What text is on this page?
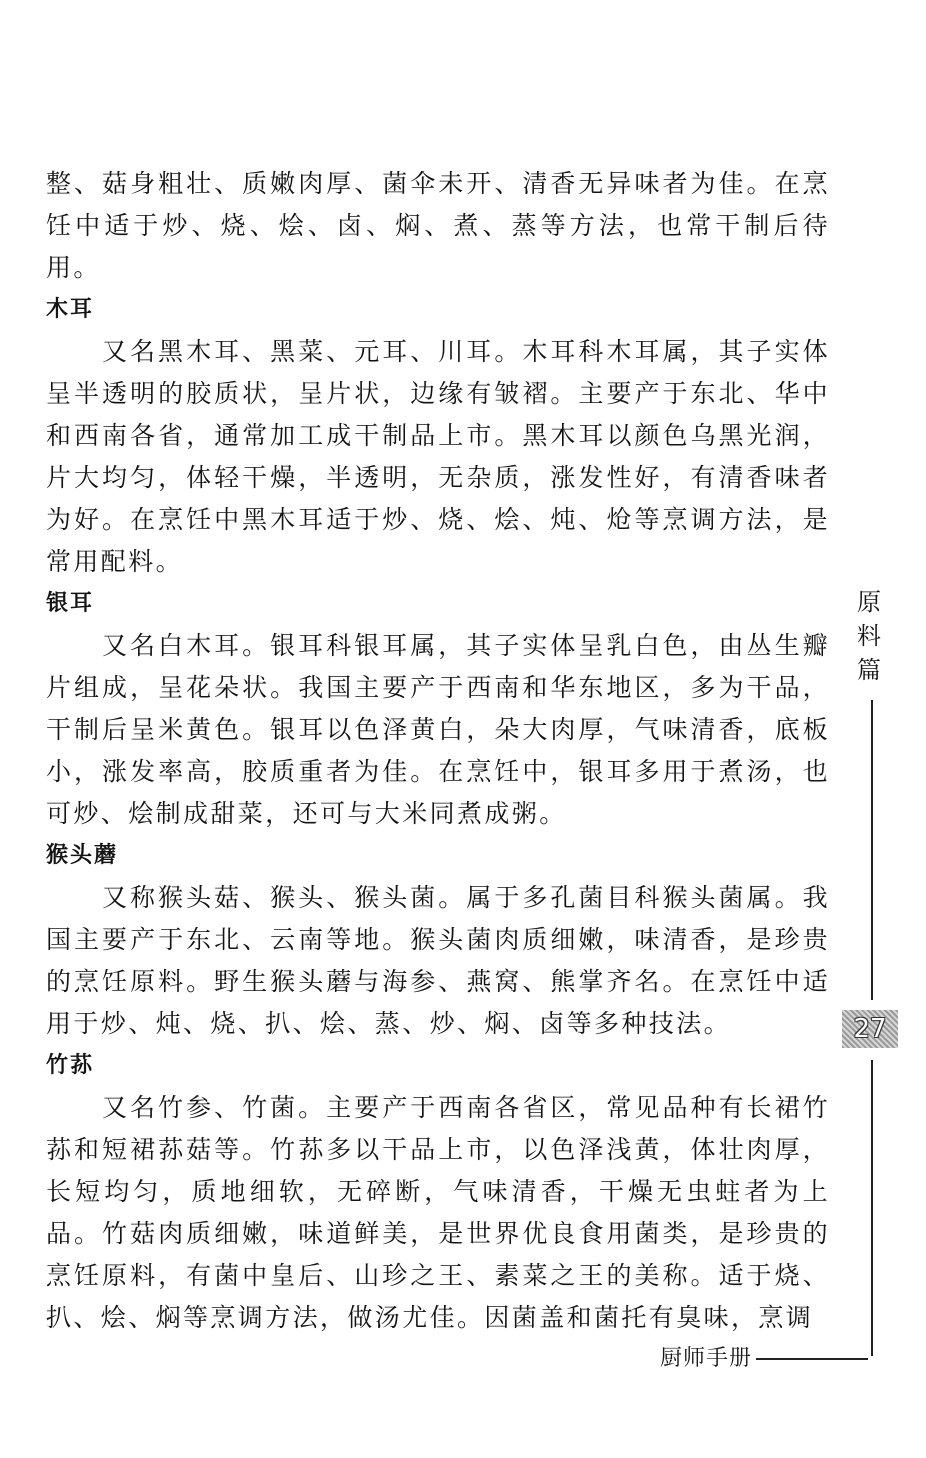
整、菇身粗壮、质嫩肉厚、菌伞未开、清香无异味者为佳。在烹饪中适于炒、烧、烩、卤、焖、煮、蒸等方法，也常干制后待用。

木耳

又名黑木耳、黑菜、元耳、川耳。木耳科木耳属，其子实体呈半透明的胶质状，呈片状，边缘有皱褶。主要产于东北、华中和西南各省，通常加工成干制品上市。黑木耳以颜色乌黑光润，片大均匀，体轻干燥，半透明，无杂质，涨发性好，有清香味者为好。在烹饪中黑木耳适于炒、烧、烩、炖、炝等烹调方法，是常用配料。

银耳

又名白木耳。银耳科银耳属，其子实体呈乳白色，由丛生瓣片组成，呈花朵状。我国主要产于西南和华东地区，多为干品，干制后呈米黄色。银耳以色泽黄白，朵大肉厚，气味清香，底板小，涨发率高，胶质重者为佳。在烹饪中，银耳多用于煮汤，也可炒、烩制成甜菜，还可与大米同煮成粥。

猴头蘑

又称猴头菇、猴头、猴头菌。属于多孔菌目科猴头菌属。我国主要产于东北、云南等地。猴头菌肉质细嫩，味清香，是珍贵的烹饪原料。野生猴头蘑与海参、燕窝、熊掌齐名。在烹饪中适用于炒、炖、烧、扒、烩、蒸、炒、焖、卤等多种技法。

竹荪

又名竹参、竹菌。主要产于西南各省区，常见品种有长裙竹荪和短裙荪菇等。竹荪多以干品上市，以色泽浅黄，体壮肉厚，长短均匀，质地细软，无碎断，气味清香，干燥无虫蛀者为上品。竹菇肉质细嫩，味道鲜美，是世界优良食用菌类，是珍贵的烹饪原料，有菌中皇后、山珍之王、素菜之王的美称。适于烧、扒、烩、焖等烹调方法，做汤尤佳。因菌盖和菌托有臭味，烹调

原料篇
27
厨师手册
